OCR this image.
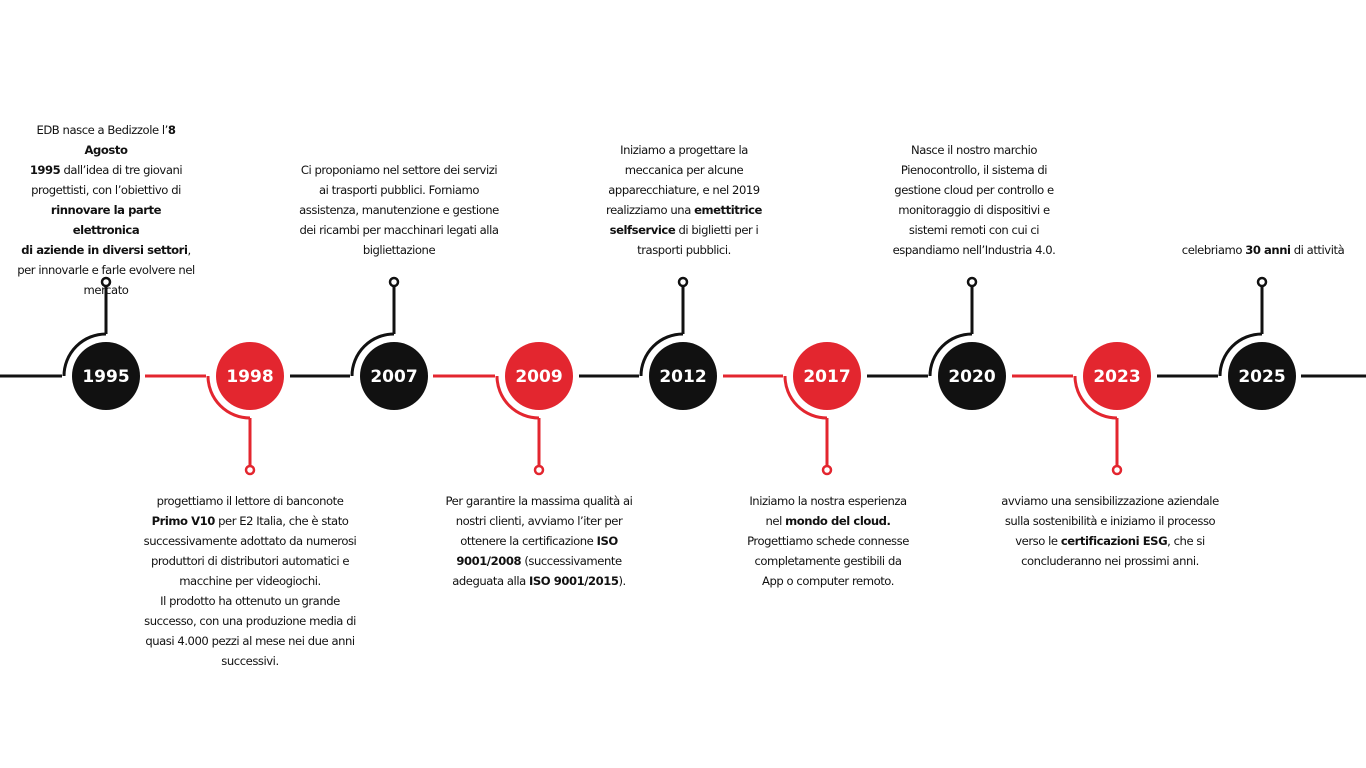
1995	1998	2007	2009	2012	2017	2020	2023	2025
EDB nasce a Bedizzole l’8 Agosto
1995 dall’idea di tre giovani
progettisti, con l’obiettivo di
rinnovare la parte elettronica
di aziende in diversi settori,
per innovarle e farle evolvere nel
mercato
progettiamo il lettore di banconote
Primo V10 per E2 Italia, che è stato
successivamente adottato da numerosi
produttori di distributori automatici e
macchine per videogiochi.
Il prodotto ha ottenuto un grande
successo, con una produzione media di
quasi 4.000 pezzi al mese nei due anni
successivi.
Ci proponiamo nel settore dei servizi
ai trasporti pubblici. Forniamo
assistenza, manutenzione e gestione
dei ricambi per macchinari legati alla
bigliettazione
Per garantire la massima qualità ai
nostri clienti, avviamo l’iter per
ottenere la certificazione ISO
9001/2008 (successivamente
adeguata alla ISO 9001/2015).
Iniziamo a progettare la
meccanica per alcune
apparecchiature, e nel 2019
realizziamo una emettitrice
selfservice di biglietti per i
trasporti pubblici.
Iniziamo la nostra esperienza
nel mondo del cloud.
Progettiamo schede connesse
completamente gestibili da
App o computer remoto.
Nasce il nostro marchio
Pienocontrollo, il sistema di
gestione cloud per controllo e
monitoraggio di dispositivi e
sistemi remoti con cui ci
espandiamo nell’Industria 4.0.
avviamo una sensibilizzazione aziendale
sulla sostenibilità e iniziamo il processo
verso le certificazioni ESG, che si
concluderanno nei prossimi anni.
celebriamo 30 anni di attività
